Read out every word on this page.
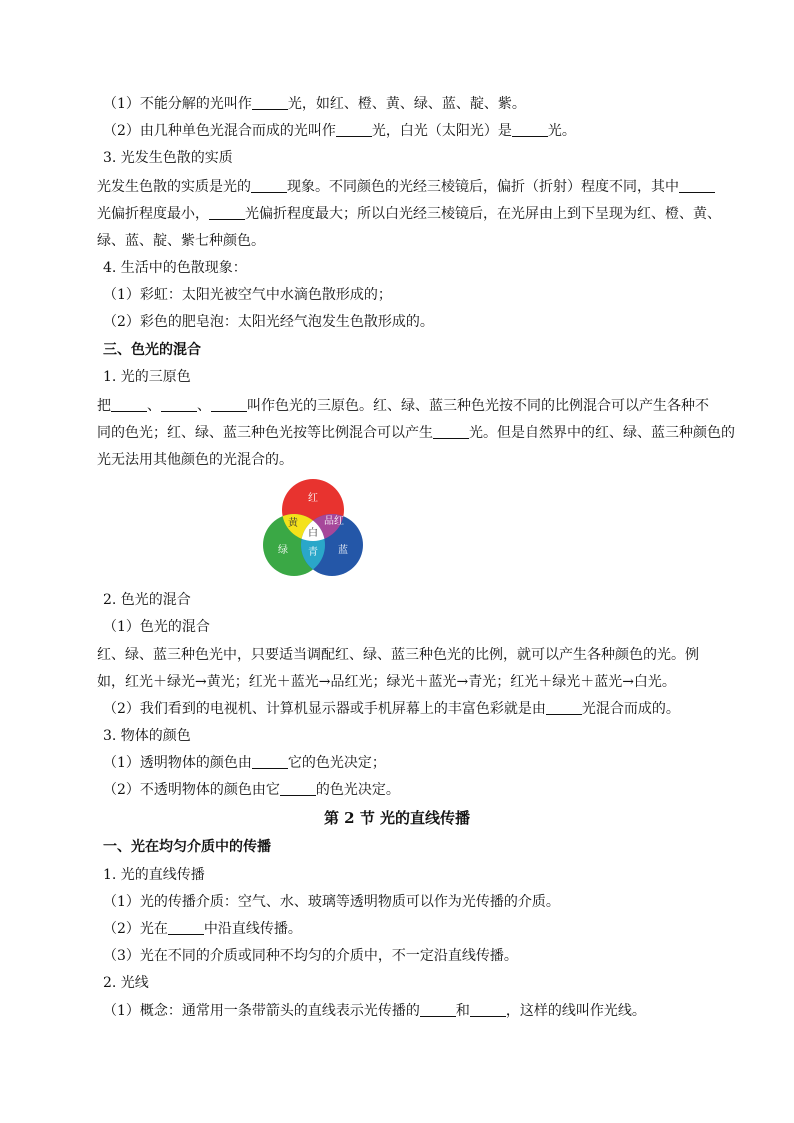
（1）不能分解的光叫作	光，如红、橙、黄、绿、蓝、靛、紫。
（2）由几种单色光混合而成的光叫作	光，白光（太阳光）是	光。
3. 光发生色散的实质
光发生色散的实质是光的	现象。不同颜色的光经三棱镜后，偏折（折射）程度不同，其中
光偏折程度最小，	光偏折程度最大；所以白光经三棱镜后，在光屏由上到下呈现为红、橙、黄、
绿、蓝、靛、紫七种颜色。
4. 生活中的色散现象：
（1）彩虹：太阳光被空气中水滴色散形成的；
（2）彩色的肥皂泡：太阳光经气泡发生色散形成的。
三、色光的混合
1. 光的三原色
把	、	、	叫作色光的三原色。红、绿、蓝三种色光按不同的比例混合可以产生各种不
同的色光；红、绿、蓝三种色光按等比例混合可以产生	光。但是自然界中的红、绿、蓝三种颜色的
光无法用其他颜色的光混合的。
红
黄	品红
白
青
绿	蓝
2. 色光的混合
（1）色光的混合
红、绿、蓝三种色光中，只要适当调配红、绿、蓝三种色光的比例，就可以产生各种颜色的光。例
如，红光＋绿光→黄光；红光＋蓝光→品红光；绿光＋蓝光→青光；红光＋绿光＋蓝光→白光。
（2）我们看到的电视机、计算机显示器或手机屏幕上的丰富色彩就是由	光混合而成的。
3. 物体的颜色
（1）透明物体的颜色由	它的色光决定；
（2）不透明物体的颜色由它	的色光决定。
第 2 节 光的直线传播
一、光在均匀介质中的传播
1. 光的直线传播
（1）光的传播介质：空气、水、玻璃等透明物质可以作为光传播的介质。
（2）光在	中沿直线传播。
（3）光在不同的介质或同种不均匀的介质中，不一定沿直线传播。
2. 光线
（1）概念：通常用一条带箭头的直线表示光传播的	和	，这样的线叫作光线。
